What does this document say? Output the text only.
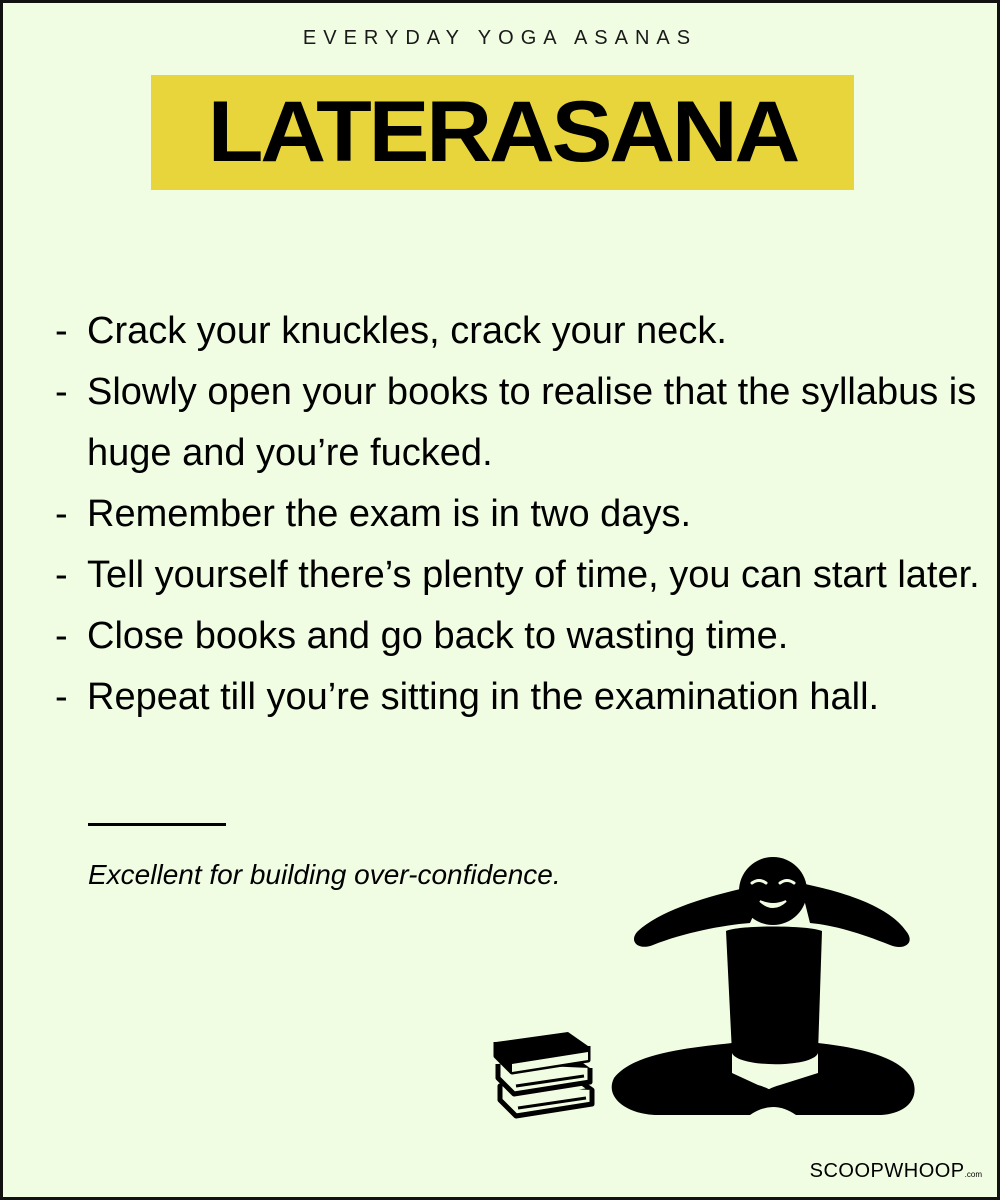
EVERYDAY YOGA ASANAS
LATERASANA
- Crack your knuckles, crack your neck.
- Slowly open your books to realise that the syllabus is huge and you’re fucked.
- Remember the exam is in two days.
- Tell yourself there’s plenty of time, you can start later.
- Close books and go back to wasting time.
- Repeat till you’re sitting in the examination hall.
Excellent for building over-confidence.
SCOOPWHOOP.com
